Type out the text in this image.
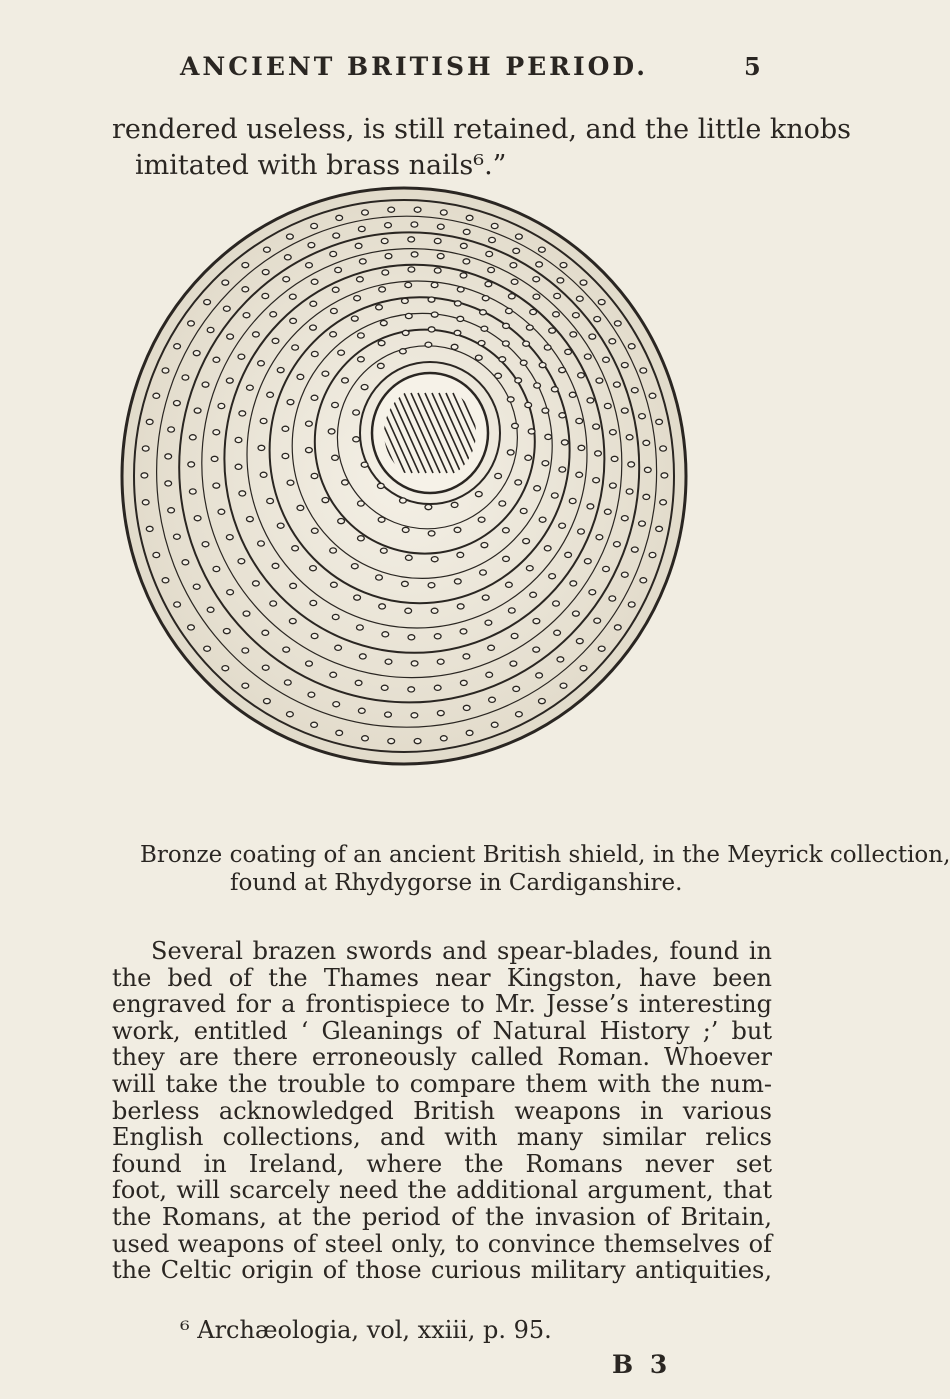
ANCIENT BRITISH PERIOD.	5
rendered useless, is still retained, and the little knobs
imitated with brass nails⁶.”
Bronze coating of an ancient British shield, in the Meyrick collection,
found at Rhydygorse in Cardiganshire.
Several brazen swords and spear-blades, found in
the bed of the Thames near Kingston, have been
engraved for a frontispiece to Mr. Jesse’s interesting
work, entitled ‘ Gleanings of Natural History ;’ but
they are there erroneously called Roman. Whoever
will take the trouble to compare them with the num-
berless acknowledged British weapons in various
English collections, and with many similar relics
found in Ireland, where the Romans never set
foot, will scarcely need the additional argument, that
the Romans, at the period of the invasion of Britain,
used weapons of steel only, to convince themselves of
the Celtic origin of those curious military antiquities,
⁶ Archæologia, vol, xxiii, p. 95.
B 3
